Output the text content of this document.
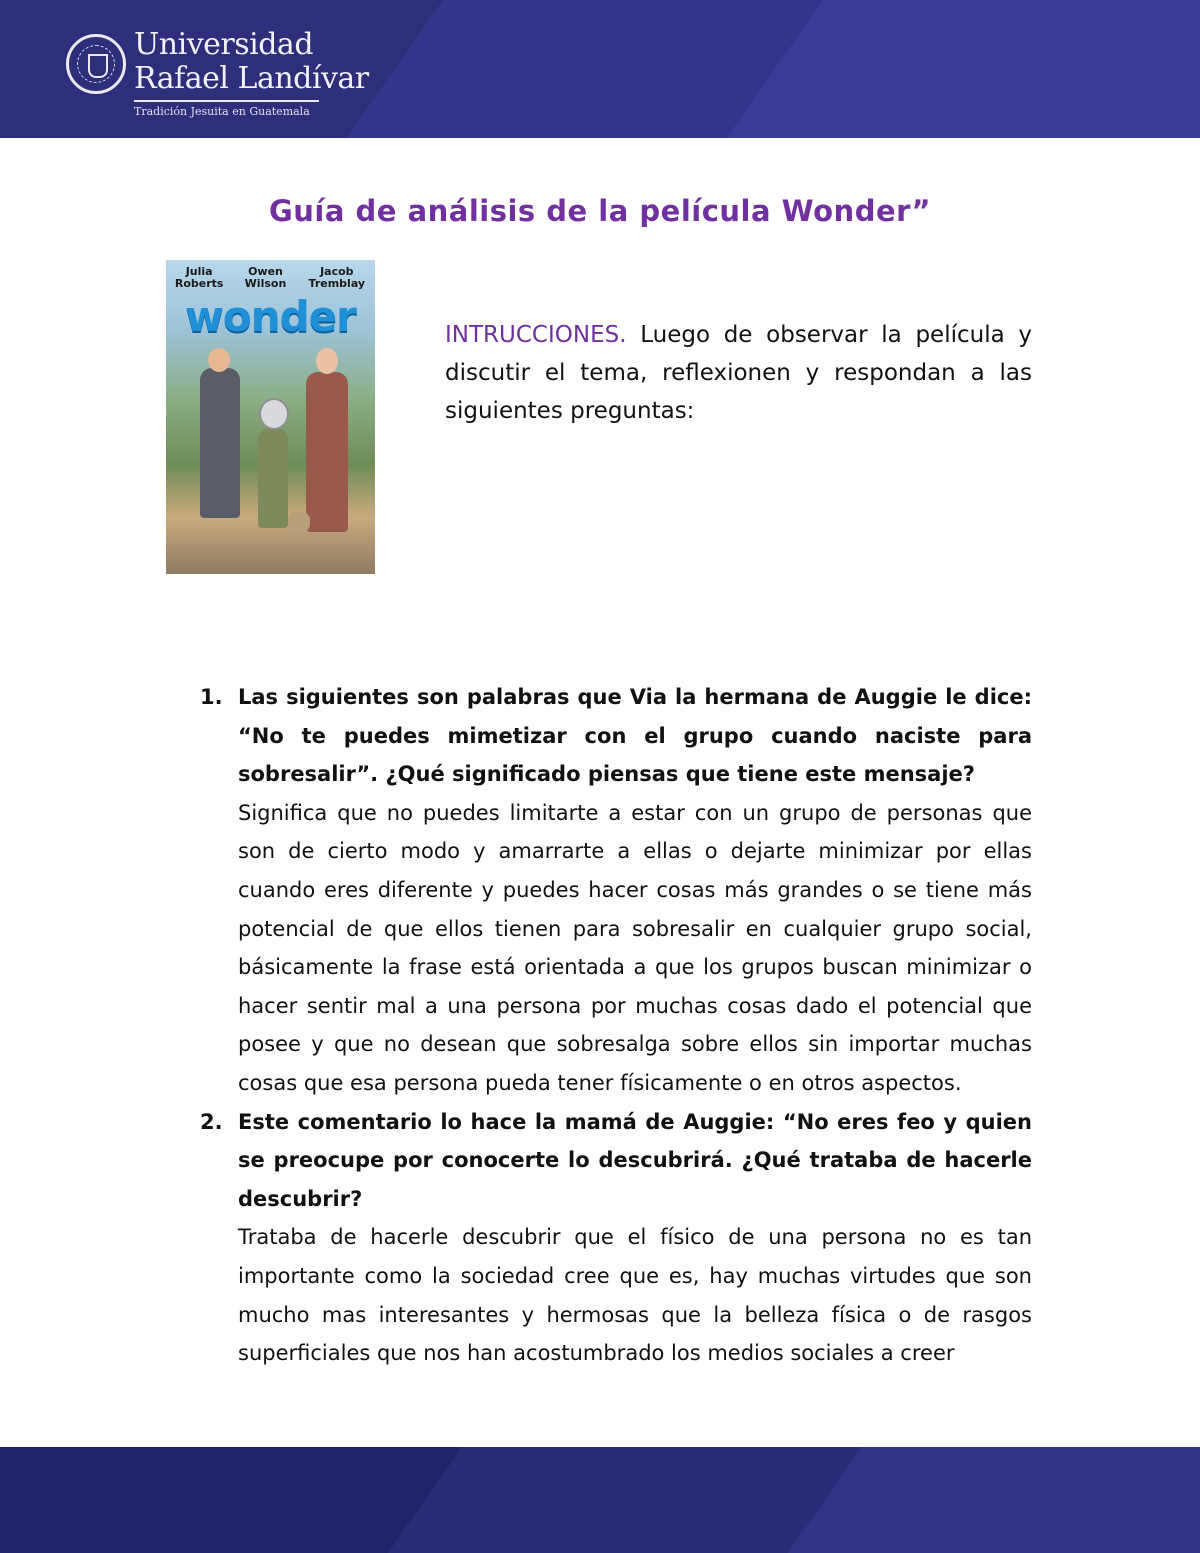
Universidad
Rafael Landívar
Tradición Jesuita en Guatemala
Guía de análisis de la película Wonder”
Julia Roberts
Owen Wilson
Jacob Tremblay
wonder	INTRUCCIONES. Luego de observar la película y discutir el tema, reflexionen y respondan a las siguientes preguntas:
1. Las siguientes son palabras que Via la hermana de Auggie le dice: “No te puedes mimetizar con el grupo cuando naciste para sobresalir”. ¿Qué significado piensas que tiene este mensaje?
Significa que no puedes limitarte a estar con un grupo de personas que son de cierto modo y amarrarte a ellas o dejarte minimizar por ellas cuando eres diferente y puedes hacer cosas más grandes o se tiene más potencial de que ellos tienen para sobresalir en cualquier grupo social, básicamente la frase está orientada a que los grupos buscan minimizar o hacer sentir mal a una persona por muchas cosas dado el potencial que posee y que no desean que sobresalga sobre ellos sin importar muchas cosas que esa persona pueda tener físicamente o en otros aspectos.
2. Este comentario lo hace la mamá de Auggie: “No eres feo y quien se preocupe por conocerte lo descubrirá. ¿Qué trataba de hacerle descubrir?
Trataba de hacerle descubrir que el físico de una persona no es tan importante como la sociedad cree que es, hay muchas virtudes que son mucho mas interesantes y hermosas que la belleza física o de rasgos superficiales que nos han acostumbrado los medios sociales a creer
